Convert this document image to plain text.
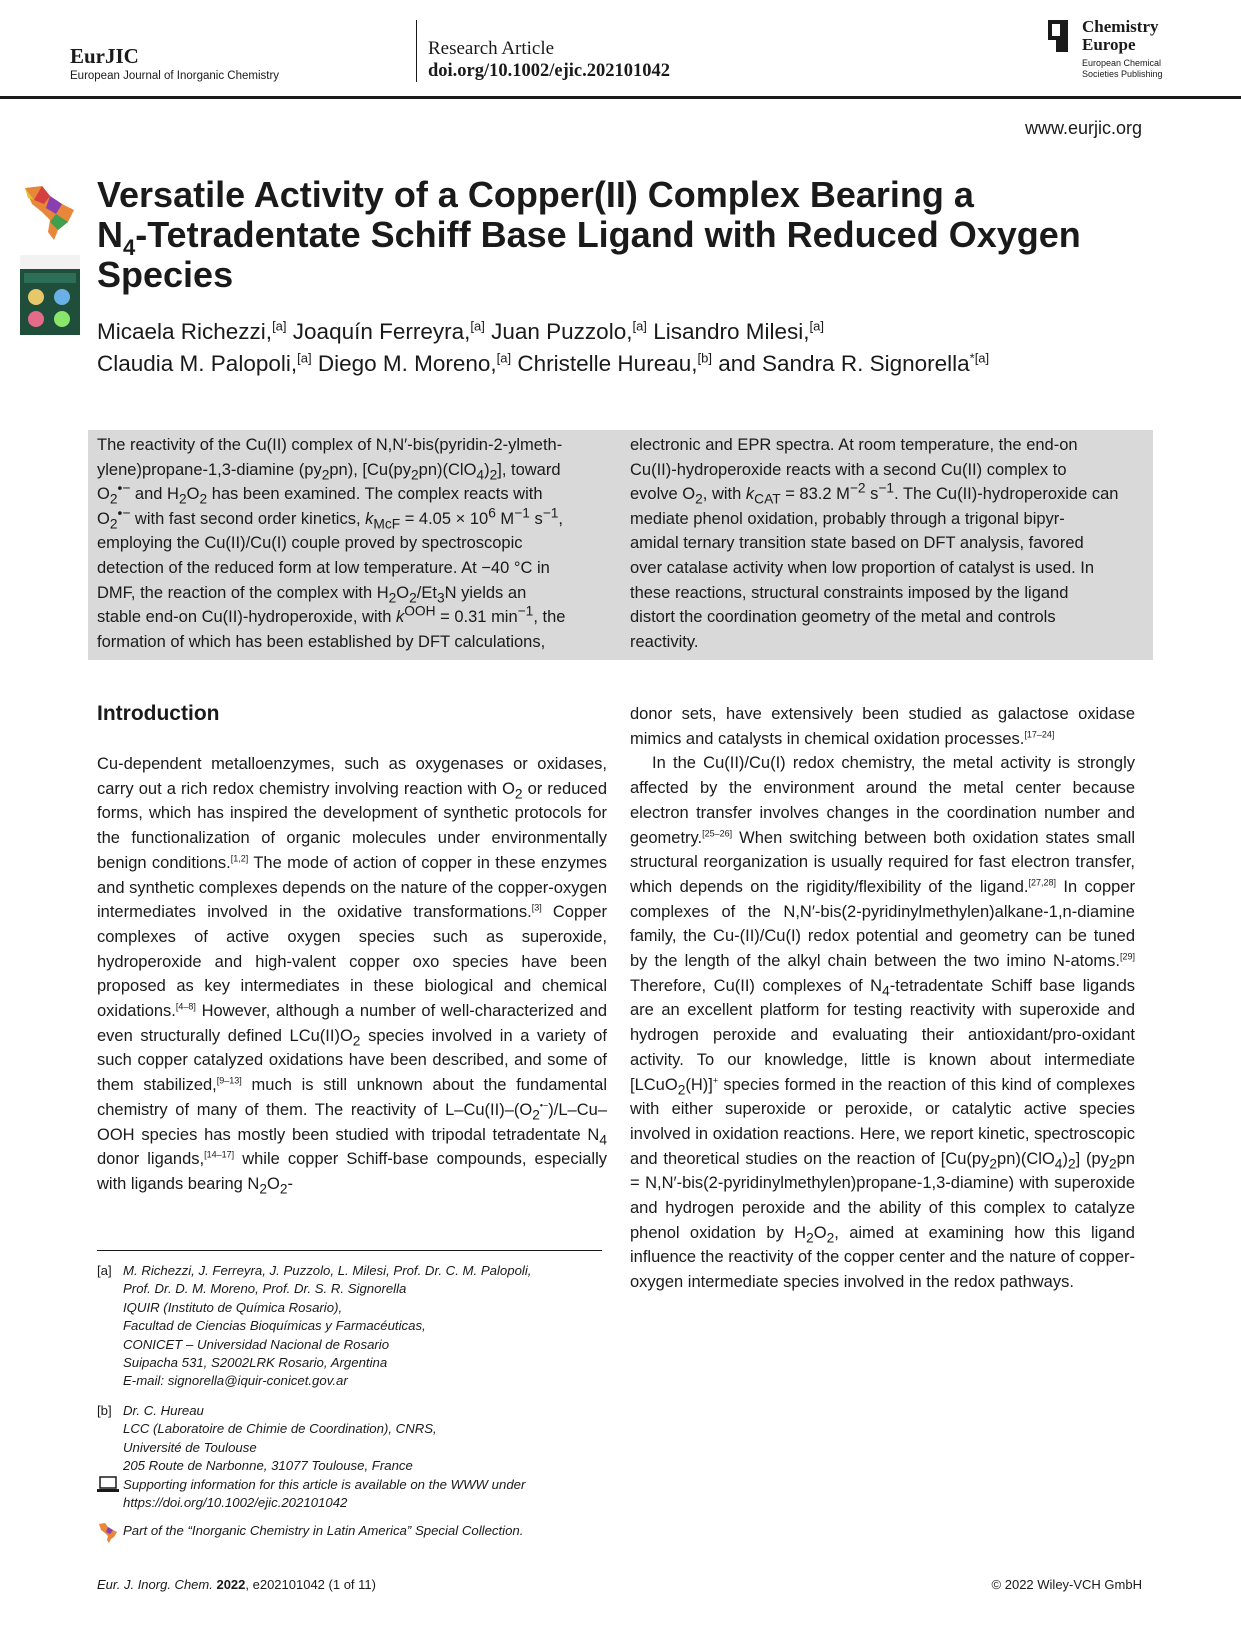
EurJIC
European Journal of Inorganic Chemistry
Research Article
doi.org/10.1002/ejic.202101042
Chemistry
Europe
European Chemical
Societies Publishing
www.eurjic.org
Versatile Activity of a Copper(II) Complex Bearing a
$N_4$-Tetradentate Schiff Base Ligand with Reduced Oxygen
Species
Micaela Richezzi,[a] Joaquín Ferreyra,[a] Juan Puzzolo,[a] Lisandro Milesi,[a]
Claudia M. Palopoli,[a] Diego M. Moreno,[a] Christelle Hureau,[b] and Sandra R. Signorella$^{*[a]}$
The reactivity of the Cu(II) complex of N,N′-bis(pyridin-2-ylmeth-
ylene)propane-1,3-diamine $(py_2pn)$, $[Cu(py_2pn)(ClO_4)_2]$, toward
$O_2^{•-}$ and $H_2O_2$ has been examined. The complex reacts with
$O_2^{•-}$ with fast second order kinetics, $k_{McF} = 4.05 \times 10^6$ $M^{-1}$ $s^{-1}$,
employing the Cu(II)/Cu(I) couple proved by spectroscopic
detection of the reduced form at low temperature. At −40 °C in
DMF, the reaction of the complex with $H_2O_2/Et_3N$ yields an
stable end-on Cu(II)-hydroperoxide, with $k^{OOH} = 0.31$ $\min^{-1}$, the
formation of which has been established by DFT calculations,
electronic and EPR spectra. At room temperature, the end-on
Cu(II)-hydroperoxide reacts with a second Cu(II) complex to
evolve $O_2$, with $k_{CAT} = 83.2$ $M^{-2}$ $s^{-1}$. The Cu(II)-hydroperoxide can
mediate phenol oxidation, probably through a trigonal bipyr-
amidal ternary transition state based on DFT analysis, favored
over catalase activity when low proportion of catalyst is used. In
these reactions, structural constraints imposed by the ligand
distort the coordination geometry of the metal and controls
reactivity.
Introduction
Cu-dependent metalloenzymes, such as oxygenases or oxidases, carry out a rich redox chemistry involving reaction with $O_2$ or reduced forms, which has inspired the development of synthetic protocols for the functionalization of organic molecules under environmentally benign conditions.[1,2] The mode of action of copper in these enzymes and synthetic complexes depends on the nature of the copper-oxygen intermediates involved in the oxidative transformations.[3] Copper complexes of active oxygen species such as superoxide, hydroperoxide and high-valent copper oxo species have been proposed as key intermediates in these biological and chemical oxidations.[4–8] However, although a number of well-characterized and even structurally defined $LCu(II)O_2$ species involved in a variety of such copper catalyzed oxidations have been described, and some of them stabilized,[9–13] much is still unknown about the fundamental chemistry of many of them. The reactivity of $L-Cu(II)-(O_2^{•-})/L-Cu$–OOH species has mostly been studied with tripodal tetradentate $N_4$ donor ligands,[14–17] while copper Schiff-base compounds, especially with ligands bearing $N_2O_2-$
donor sets, have extensively been studied as galactose oxidase mimics and catalysts in chemical oxidation processes.[17–24]
In the Cu(II)/Cu(I) redox chemistry, the metal activity is strongly affected by the environment around the metal center because electron transfer involves changes in the coordination number and geometry.[25–26] When switching between both oxidation states small structural reorganization is usually required for fast electron transfer, which depends on the rigidity/flexibility of the ligand.[27,28] In copper complexes of the N,N′-bis(2-pyridinylmethylen)alkane-1,n-diamine family, the Cu-(II)/Cu(I) redox potential and geometry can be tuned by the length of the alkyl chain between the two imino N-atoms.[29] Therefore, Cu(II) complexes of $N_4$-tetradentate Schiff base ligands are an excellent platform for testing reactivity with superoxide and hydrogen peroxide and evaluating their antioxidant/pro-oxidant activity. To our knowledge, little is known about intermediate [LCuO$_2$(H)]+ species formed in the reaction of this kind of complexes with either superoxide or peroxide, or catalytic active species involved in oxidation reactions. Here, we report kinetic, spectroscopic and theoretical studies on the reaction of $[Cu(py_2pn)(ClO_4)_2] (py_2pn$ = N,N′-bis(2-pyridinylmethylen)propane-1,3-diamine) with superoxide and hydrogen peroxide and the ability of this complex to catalyze phenol oxidation by $H_2O_2$, aimed at examining how this ligand influence the reactivity of the copper center and the nature of copper-oxygen intermediate species involved in the redox pathways.
[a] M. Richezzi, J. Ferreyra, J. Puzzolo, L. Milesi, Prof. Dr. C. M. Palopoli,
Prof. Dr. D. M. Moreno, Prof. Dr. S. R. Signorella
IQUIR (Instituto de Química Rosario),
Facultad de Ciencias Bioquímicas y Farmacéuticas,
CONICET – Universidad Nacional de Rosario
Suipacha 531, S2002LRK Rosario, Argentina
E-mail: signorella@iquir-conicet.gov.ar
[b] Dr. C. Hureau
LCC (Laboratoire de Chimie de Coordination), CNRS,
Université de Toulouse
205 Route de Narbonne, 31077 Toulouse, France
Supporting information for this article is available on the WWW under
https://doi.org/10.1002/ejic.202101042
Part of the “Inorganic Chemistry in Latin America” Special Collection.
Eur. J. Inorg. Chem. 2022, e202101042 (1 of 11)	© 2022 Wiley-VCH GmbH
